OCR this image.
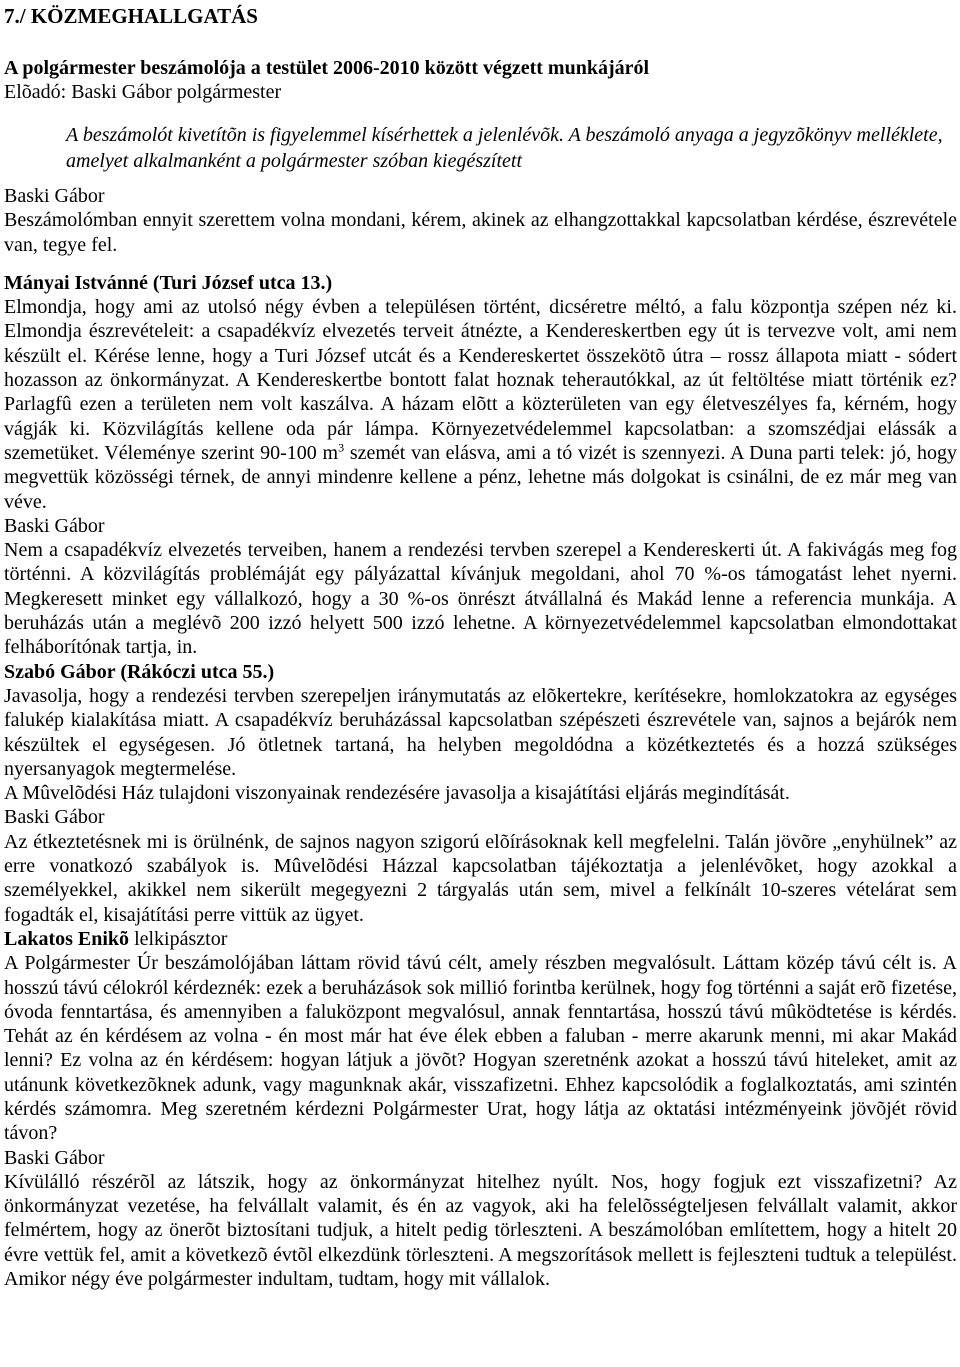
7./ KÖZMEGHALLGATÁS
A polgármester beszámolója a testület 2006-2010 között végzett munkájáról
Elõadó: Baski Gábor polgármester
A beszámolót kivetítõn is figyelemmel kísérhettek a jelenlévõk. A beszámoló anyaga a jegyzõkönyv melléklete, amelyet alkalmanként a polgármester szóban kiegészített
Baski Gábor
Beszámolómban ennyit szerettem volna mondani, kérem, akinek az elhangzottakkal kapcsolatban kérdése, észrevétele van, tegye fel.
Mányai Istvánné (Turi József utca 13.)
Elmondja, hogy ami az utolsó négy évben a településen történt, dicséretre méltó, a falu központja szépen néz ki. Elmondja észrevételeit: a csapadékvíz elvezetés terveit átnézte, a Kendereskertben egy út is tervezve volt, ami nem készült el. Kérése lenne, hogy a Turi József utcát és a Kendereskertet összekötõ útra – rossz állapota miatt - sódert hozasson az önkormányzat. A Kendereskertbe bontott falat hoznak teherautókkal, az út feltöltése miatt történik ez? Parlagfû ezen a területen nem volt kaszálva. A házam elõtt a közterületen van egy életveszélyes fa, kérném, hogy vágják ki. Közvilágítás kellene oda pár lámpa. Környezetvédelemmel kapcsolatban: a szomszédjai elássák a szemetüket. Véleménye szerint 90-100 $m^3$ szemét van elásva, ami a tó vizét is szennyezi. A Duna parti telek: jó, hogy megvettük közösségi térnek, de annyi mindenre kellene a pénz, lehetne más dolgokat is csinálni, de ez már meg van véve.
Baski Gábor
Nem a csapadékvíz elvezetés terveiben, hanem a rendezési tervben szerepel a Kendereskerti út. A fakivágás meg fog történni. A közvilágítás problémáját egy pályázattal kívánjuk megoldani, ahol 70 %-os támogatást lehet nyerni. Megkeresett minket egy vállalkozó, hogy a 30 %-os önrészt átvállalná és Makád lenne a referencia munkája. A beruházás után a meglévõ 200 izzó helyett 500 izzó lehetne. A környezetvédelemmel kapcsolatban elmondottakat felháborítónak tartja, in.
Szabó Gábor (Rákóczi utca 55.)
Javasolja, hogy a rendezési tervben szerepeljen iránymutatás az elõkertekre, kerítésekre, homlokzatokra az egységes falukép kialakítása miatt. A csapadékvíz beruházással kapcsolatban szépészeti észrevétele van, sajnos a bejárók nem készültek el egységesen. Jó ötletnek tartaná, ha helyben megoldódna a közétkeztetés és a hozzá szükséges nyersanyagok megtermelése.
A Mûvelõdési Ház tulajdoni viszonyainak rendezésére javasolja a kisajátítási eljárás megindítását.
Baski Gábor
Az étkeztetésnek mi is örülnénk, de sajnos nagyon szigorú elõírásoknak kell megfelelni. Talán jövõre „enyhülnek” az erre vonatkozó szabályok is. Mûvelõdési Házzal kapcsolatban tájékoztatja a jelenlévõket, hogy azokkal a személyekkel, akikkel nem sikerült megegyezni 2 tárgyalás után sem, mivel a felkínált 10-szeres vételárat sem fogadták el, kisajátítási perre vittük az ügyet.
Lakatos Enikõ lelkipásztor
A Polgármester Úr beszámolójában láttam rövid távú célt, amely részben megvalósult. Láttam közép távú célt is. A hosszú távú célokról kérdeznék: ezek a beruházások sok millió forintba kerülnek, hogy fog történni a saját erõ fizetése, óvoda fenntartása, és amennyiben a faluközpont megvalósul, annak fenntartása, hosszú távú mûködtetése is kérdés. Tehát az én kérdésem az volna - én most már hat éve élek ebben a faluban - merre akarunk menni, mi akar Makád lenni? Ez volna az én kérdésem: hogyan látjuk a jövõt? Hogyan szeretnénk azokat a hosszú távú hiteleket, amit az utánunk következõknek adunk, vagy magunknak akár, visszafizetni. Ehhez kapcsolódik a foglalkoztatás, ami szintén kérdés számomra. Meg szeretném kérdezni Polgármester Urat, hogy látja az oktatási intézményeink jövõjét rövid távon?
Baski Gábor
Kívülálló részérõl az látszik, hogy az önkormányzat hitelhez nyúlt. Nos, hogy fogjuk ezt visszafizetni? Az önkormányzat vezetése, ha felvállalt valamit, és én az vagyok, aki ha felelõsségteljesen felvállalt valamit, akkor felmértem, hogy az önerõt biztosítani tudjuk, a hitelt pedig törleszteni. A beszámolóban említettem, hogy a hitelt 20 évre vettük fel, amit a következõ évtõl elkezdünk törleszteni. A megszorítások mellett is fejleszteni tudtuk a települést. Amikor négy éve polgármester indultam, tudtam, hogy mit vállalok.
